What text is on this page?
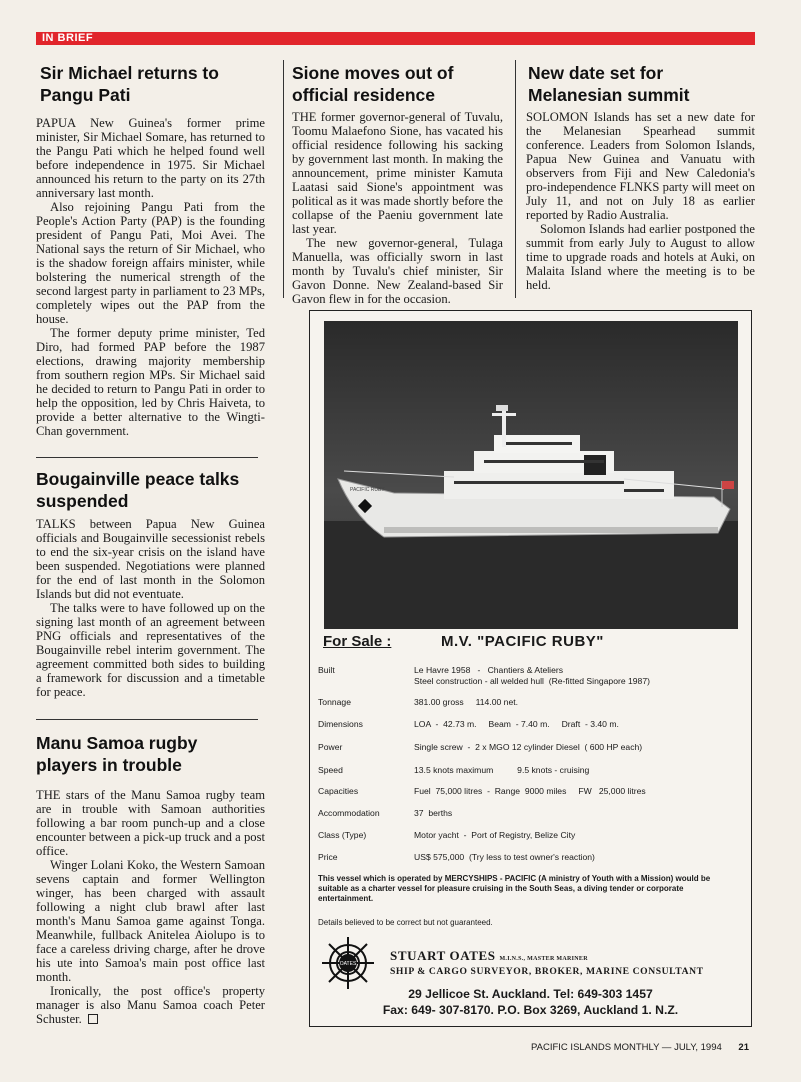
IN BRIEF
Sir Michael returns to Pangu Pati

PAPUA New Guinea's former prime minister, Sir Michael Somare, has returned to the Pangu Pati which he helped found well before independence in 1975. Sir Michael announced his return to the party on its 27th anniversary last month.

Also rejoining Pangu Pati from the People's Action Party (PAP) is the founding president of Pangu Pati, Moi Avei. The National says the return of Sir Michael, who is the shadow foreign affairs minister, while bolstering the numerical strength of the second largest party in parliament to 23 MPs, completely wipes out the PAP from the house.

The former deputy prime minister, Ted Diro, had formed PAP before the 1987 elections, drawing majority membership from southern region MPs. Sir Michael said he decided to return to Pangu Pati in order to help the opposition, led by Chris Haiveta, to provide a better alternative to the Wingti-Chan government.

Bougainville peace talks suspended

TALKS between Papua New Guinea officials and Bougainville secessionist rebels to end the six-year crisis on the island have been suspended. Negotiations were planned for the end of last month in the Solomon Islands but did not eventuate.

The talks were to have followed up on the signing last month of an agreement between PNG officials and representatives of the Bougainville rebel interim government. The agreement committed both sides to building a framework for discussion and a timetable for peace.

Manu Samoa rugby players in trouble

THE stars of the Manu Samoa rugby team are in trouble with Samoan authorities following a bar room punch-up and a close encounter between a pick-up truck and a post office.

Winger Lolani Koko, the Western Samoan sevens captain and former Wellington winger, has been charged with assault following a night club brawl after last month's Manu Samoa game against Tonga. Meanwhile, fullback Anitelea Aiolupo is to face a careless driving charge, after he drove his ute into Samoa's main post office last month.

Ironically, the post office's property manager is also Manu Samoa coach Peter Schuster.

Sione moves out of official residence

THE former governor-general of Tuvalu, Toomu Malaefono Sione, has vacated his official residence following his sacking by government last month. In making the announcement, prime minister Kamuta Laatasi said Sione's appointment was political as it was made shortly before the collapse of the Paeniu government late last year.

The new governor-general, Tulaga Manuella, was officially sworn in last month by Tuvalu's chief minister, Sir Gavon Donne. New Zealand-based Sir Gavon flew in for the occasion.

New date set for Melanesian summit

SOLOMON Islands has set a new date for the Melanesian Spearhead summit conference. Leaders from Solomon Islands, Papua New Guinea and Vanuatu with observers from Fiji and New Caledonia's pro-independence FLNKS party will meet on July 11, and not on July 18 as earlier reported by Radio Australia.

Solomon Islands had earlier postponed the summit from early July to August to allow time to upgrade roads and hotels at Auki, on Malaita Island where the meeting is to be held.

PACIFIC RUBY
For Sale :	M.V. "PACIFIC RUBY"
Built	Le Havre 1958   -   Chantiers & Ateliers
Steel construction - all welded hull  (Re-fitted Singapore 1987)
Tonnage	381.00 gross     114.00 net.
Dimensions	LOA  -  42.73 m.     Beam  - 7.40 m.     Draft  - 3.40 m.
Power	Single screw  -  2 x MGO 12 cylinder Diesel  ( 600 HP each)
Speed	13.5 knots maximum          9.5 knots - cruising
Capacities	Fuel  75,000 litres  -  Range  9000 miles     FW   25,000 litres
Accommodation	37  berths
Class (Type)	Motor yacht  -  Port of Registry, Belize City
Price	US$ 575,000  (Try less to test owner's reaction)
This vessel which is operated by MERCYSHIPS - PACIFIC (A ministry of Youth with a Mission) would be suitable as a charter vessel for pleasure cruising in the South Seas, a diving tender or corporate entertainment.
Details believed to be correct but not guaranteed.
OATES
STUART OATES M.I.N.S., MASTER MARINER
SHIP & CARGO SURVEYOR, BROKER, MARINE CONSULTANT
29 Jellicoe St. Auckland. Tel: 649-303 1457
Fax: 649- 307-8170. P.O. Box 3269, Auckland 1. N.Z.
PACIFIC ISLANDS MONTHLY — JULY, 1994 21
